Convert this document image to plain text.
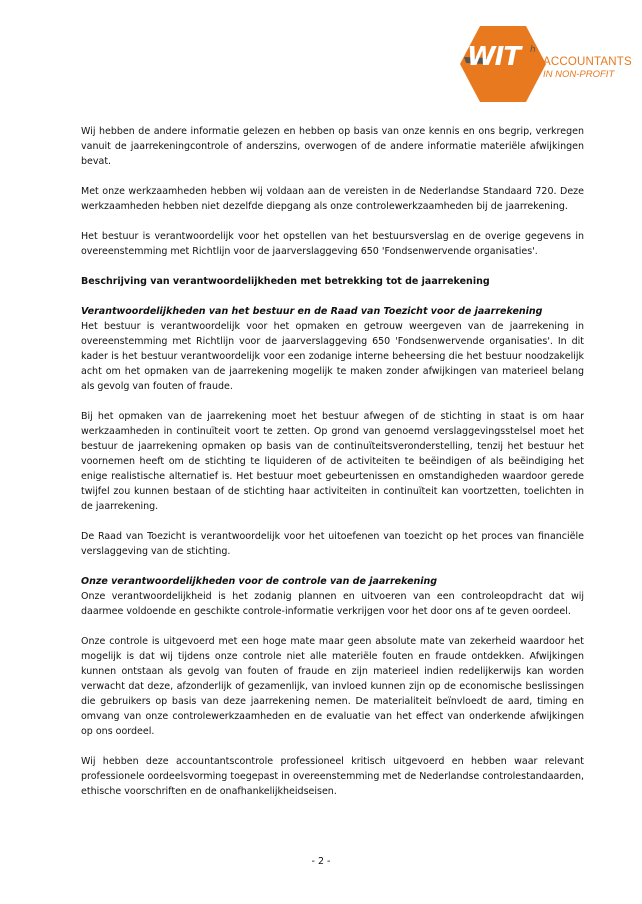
WIT h
ACCOUNTANTS
IN NON-PROFIT

Wij hebben de andere informatie gelezen en hebben op basis van onze kennis en ons begrip, verkregen vanuit de jaarrekeningcontrole of anderszins, overwogen of de andere informatie materiële afwijkingen bevat.

Met onze werkzaamheden hebben wij voldaan aan de vereisten in de Nederlandse Standaard 720. Deze werkzaamheden hebben niet dezelfde diepgang als onze controlewerkzaamheden bij de jaarrekening.

Het bestuur is verantwoordelijk voor het opstellen van het bestuursverslag en de overige gegevens in overeenstemming met Richtlijn voor de jaarverslaggeving 650 'Fondsenwervende organisaties'.

Beschrijving van verantwoordelijkheden met betrekking tot de jaarrekening
Verantwoordelijkheden van het bestuur en de Raad van Toezicht voor de jaarrekening

Het bestuur is verantwoordelijk voor het opmaken en getrouw weergeven van de jaarrekening in overeenstemming met Richtlijn voor de jaarverslaggeving 650 'Fondsenwervende organisaties'. In dit kader is het bestuur verantwoordelijk voor een zodanige interne beheersing die het bestuur noodzakelijk acht om het opmaken van de jaarrekening mogelijk te maken zonder afwijkingen van materieel belang als gevolg van fouten of fraude.

Bij het opmaken van de jaarrekening moet het bestuur afwegen of de stichting in staat is om haar werkzaamheden in continuïteit voort te zetten. Op grond van genoemd verslaggevingsstelsel moet het bestuur de jaarrekening opmaken op basis van de continuïteitsveronderstelling, tenzij het bestuur het voornemen heeft om de stichting te liquideren of de activiteiten te beëindigen of als beëindiging het enige realistische alternatief is. Het bestuur moet gebeurtenissen en omstandigheden waardoor gerede twijfel zou kunnen bestaan of de stichting haar activiteiten in continuïteit kan voortzetten, toelichten in de jaarrekening.

De Raad van Toezicht is verantwoordelijk voor het uitoefenen van toezicht op het proces van financiële verslaggeving van de stichting.

Onze verantwoordelijkheden voor de controle van de jaarrekening

Onze verantwoordelijkheid is het zodanig plannen en uitvoeren van een controleopdracht dat wij daarmee voldoende en geschikte controle-informatie verkrijgen voor het door ons af te geven oordeel.

Onze controle is uitgevoerd met een hoge mate maar geen absolute mate van zekerheid waardoor het mogelijk is dat wij tijdens onze controle niet alle materiële fouten en fraude ontdekken. Afwijkingen kunnen ontstaan als gevolg van fouten of fraude en zijn materieel indien redelijkerwijs kan worden verwacht dat deze, afzonderlijk of gezamenlijk, van invloed kunnen zijn op de economische beslissingen die gebruikers op basis van deze jaarrekening nemen. De materialiteit beïnvloedt de aard, timing en omvang van onze controlewerkzaamheden en de evaluatie van het effect van onderkende afwijkingen op ons oordeel.

Wij hebben deze accountantscontrole professioneel kritisch uitgevoerd en hebben waar relevant professionele oordeelsvorming toegepast in overeenstemming met de Nederlandse controlestandaarden, ethische voorschriften en de onafhankelijkheidseisen.

- 2 -
